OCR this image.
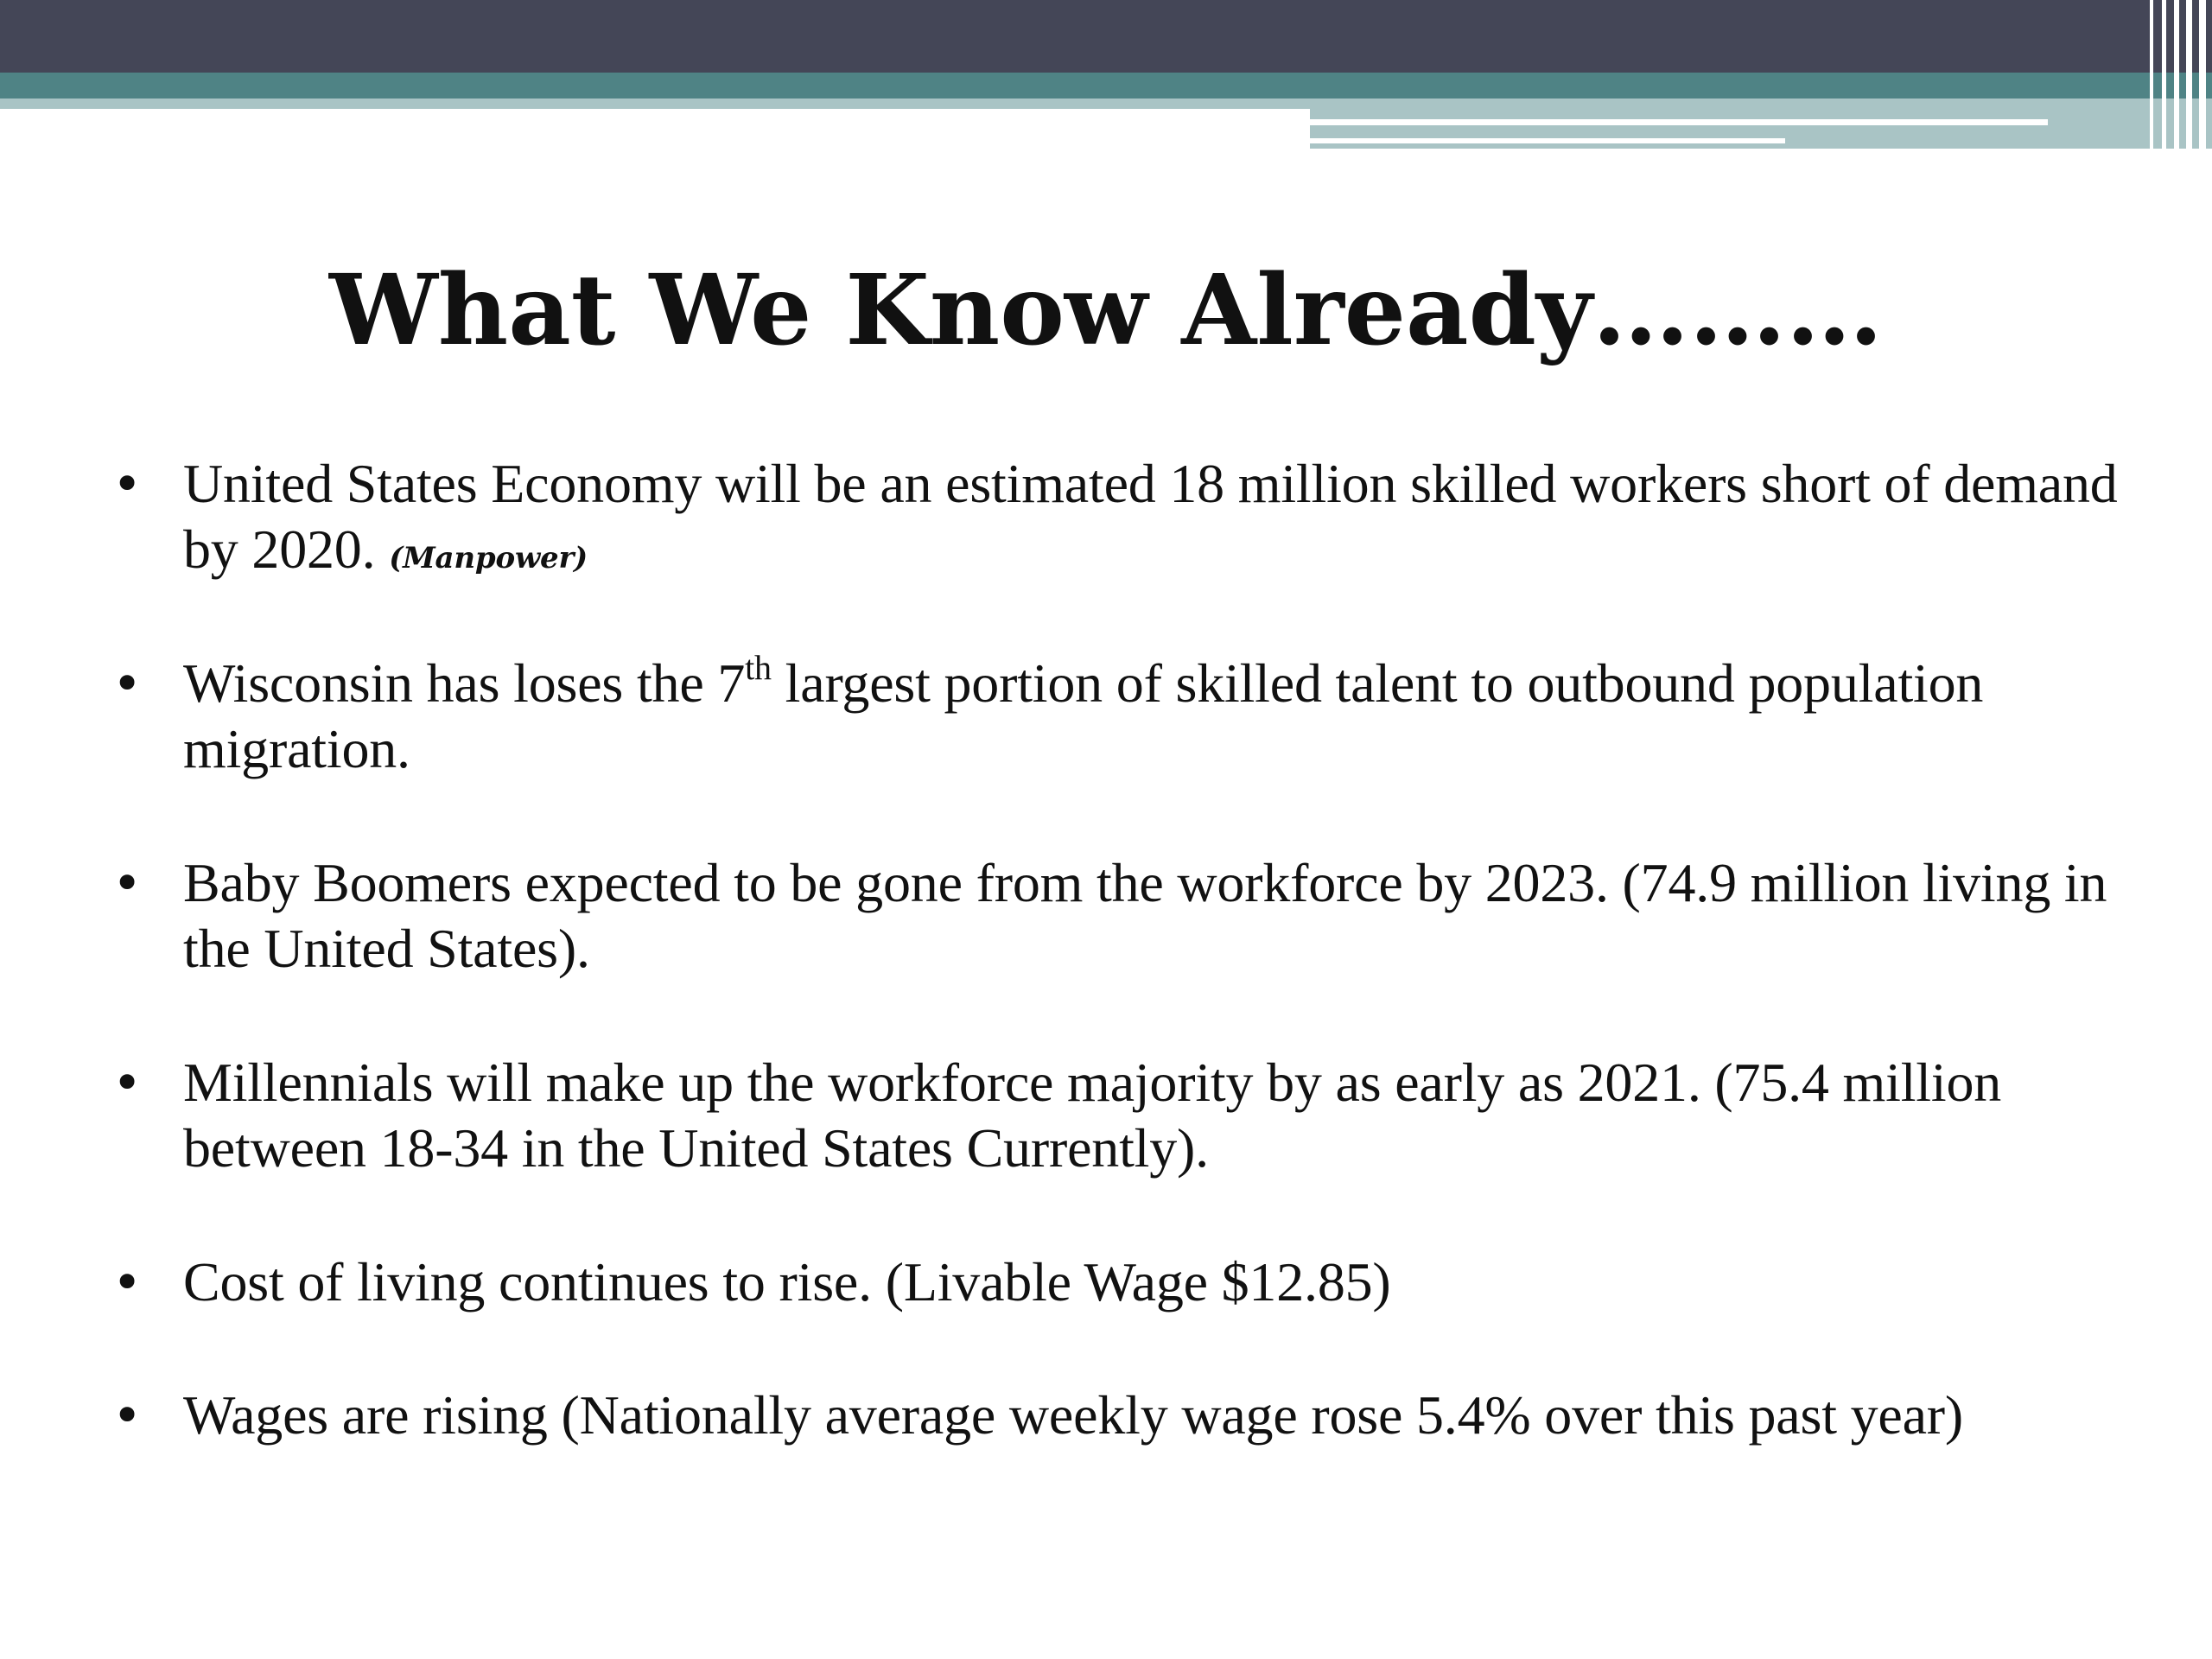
What We Know Already………
• United States Economy will be an estimated 18 million skilled workers short of demand by 2020. (Manpower)
• Wisconsin has loses the 7th largest portion of skilled talent to outbound population migration.
• Baby Boomers expected to be gone from the workforce by 2023. (74.9 million living in the United States).
• Millennials will make up the workforce majority by as early as 2021. (75.4 million between 18-34 in the United States Currently).
• Cost of living continues to rise. (Livable Wage $12.85)
• Wages are rising (Nationally average weekly wage rose 5.4% over this past year)
